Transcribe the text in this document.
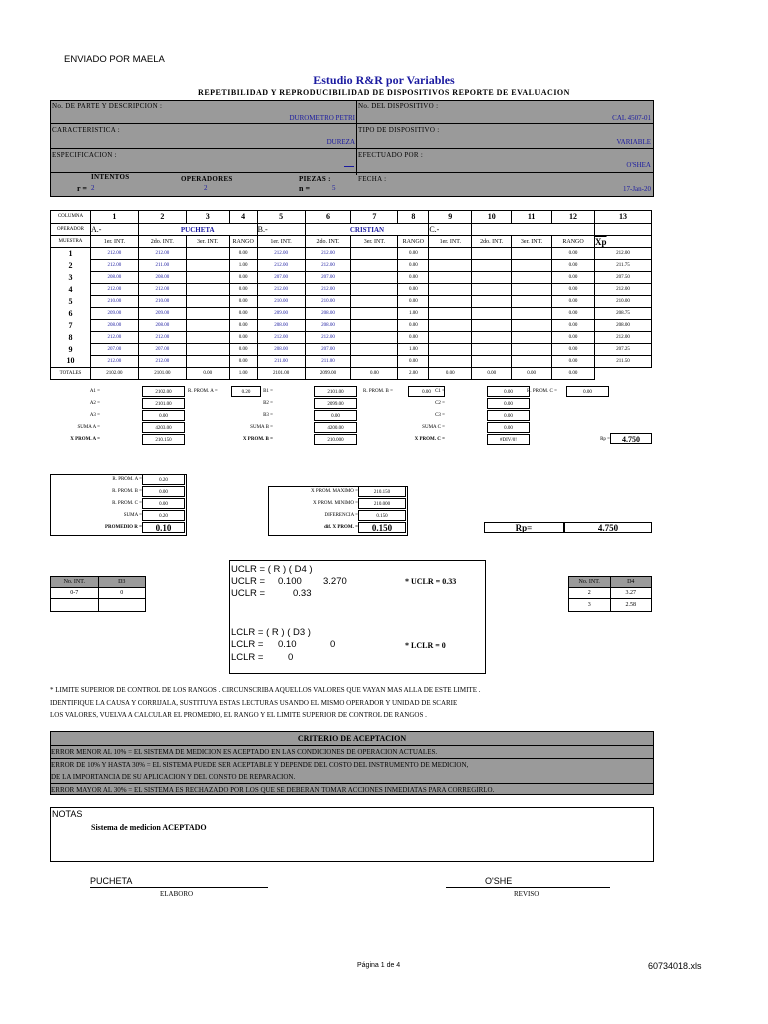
ENVIADO POR MAELA
Estudio R&R por Variables
REPETIBILIDAD Y REPRODUCIBILIDAD DE DISPOSITIVOS REPORTE DE EVALUACION
No. DE PARTE Y DESCRIPCION :
DUROMETRO PETRI
No. DEL DISPOSITIVO :
CAL 4507-01
CARACTERISTICA :
DUREZA
TIPO DE DISPOSITIVO :
VARIABLE
ESPECIFICACION :	EFECTUADO POR :
O'SHEA
INTENTOS
r = 2
OPERADORES
2
PIEZAS :
n =	5
FECHA :
17-Jan-20
COLUMNA	1	2	3	4	5	6	7	8	9	10	11	12	13
OPERADOR	A.-	PUCHETA			B.-	CRISTIAN			C.-				
MUESTRA	1er. INT.	2do. INT.	3er. INT.	RANGO	1er. INT.	2do. INT.	3er. INT.	RANGO	1er. INT.	2do. INT.	3er. INT.	RANGO	$\overline{Xp}$
1	212.00	212.00		0.00	212.00	212.00		0.00				0.00	212.00
2	212.00	211.00		1.00	212.00	212.00		0.00				0.00	211.75
3	208.00	208.00		0.00	207.00	207.00		0.00				0.00	207.50
4	212.00	212.00		0.00	212.00	212.00		0.00				0.00	212.00
5	210.00	210.00		0.00	210.00	210.00		0.00				0.00	210.00
6	209.00	209.00		0.00	209.00	208.00		1.00				0.00	208.75
7	208.00	208.00		0.00	208.00	208.00		0.00				0.00	208.00
8	212.00	212.00		0.00	212.00	212.00		0.00				0.00	212.00
9	207.00	207.00		0.00	208.00	207.00		1.00				0.00	207.25
10	212.00	212.00		0.00	211.00	211.00		0.00				0.00	211.50
TOTALES	2102.00	2101.00	0.00	1.00	2101.00	2099.00	0.00	2.00	0.00	0.00	0.00	0.00	
No. INT.	D3
0-7	0

No. INT.	D4
2	3.27
3	2.58
UCLR = ( R ) ( D4 )
UCLR = 0.100 3.270
UCLR =	0.33
* UCLR = 0.33
LCLR = ( R ) ( D3 )
LCLR = 0.10	0
LCLR =	0
* LCLR = 0
* LIMITE SUPERIOR DE CONTROL DE LOS RANGOS . CIRCUNSCRIBA AQUELLOS VALORES QUE VAYAN MAS ALLA DE ESTE LIMITE .
IDENTIFIQUE LA CAUSA Y CORRIJALA, SUSTITUYA ESTAS LECTURAS USANDO EL MISMO OPERADOR Y UNIDAD DE SCARIE
LOS VALORES, VUELVA A CALCULAR EL PROMEDIO, EL RANGO Y EL LIMITE SUPERIOR DE CONTROL DE RANGOS .
CRITERIO DE ACEPTACION
ERROR MENOR AL 10% = EL SISTEMA DE MEDICION ES ACEPTADO EN LAS CONDICIONES DE OPERACION ACTUALES.
ERROR DE 10% Y HASTA 30% = EL SISTEMA PUEDE SER ACEPTABLE Y DEPENDE DEL COSTO DEL INSTRUMENTO DE MEDICION,
DE LA IMPORTANCIA DE SU APLICACION Y DEL CONSTO DE REPARACION.
ERROR MAYOR AL 30% = EL SISTEMA ES RECHAZADO POR LOS QUE SE DEBERAN TOMAR ACCIONES INMEDIATAS PARA CORREGIRLO.
NOTAS
Sistema de medicion ACEPTADO
PUCHETA
ELABORO
O'SHE
REVISO
Página 1 de 4	60734018.xls
A1 =	2102.00
A2 =	2101.00
A3 =	0.00
SUMA A =	4203.00
X PROM. A =	210.150
B1 =	2101.00
B2 =	2099.00
B3 =	0.00
SUMA B =	4200.00
X PROM. B =	210.000
C1 =	0.00
C2 =	0.00
C3 =	0.00
SUMA C =	0.00
X PROM. C =	#DIV/0!
R. PROM. A =	0.20	R. PROM. B =	0.00	R. PROM. C =	0.00
Rp =	4.750
R. PROM. A =	0.20
R. PROM. B =	0.00
R. PROM. C =	0.00
SUMA =	0.20
PROMEDIO R =	0.10
X PROM. MAXIMO =	210.150
X PROM. MINIMO =	210.000
DIFERENCIA =	0.150
dif. X PROM. =	0.150	Rp=	4.750
